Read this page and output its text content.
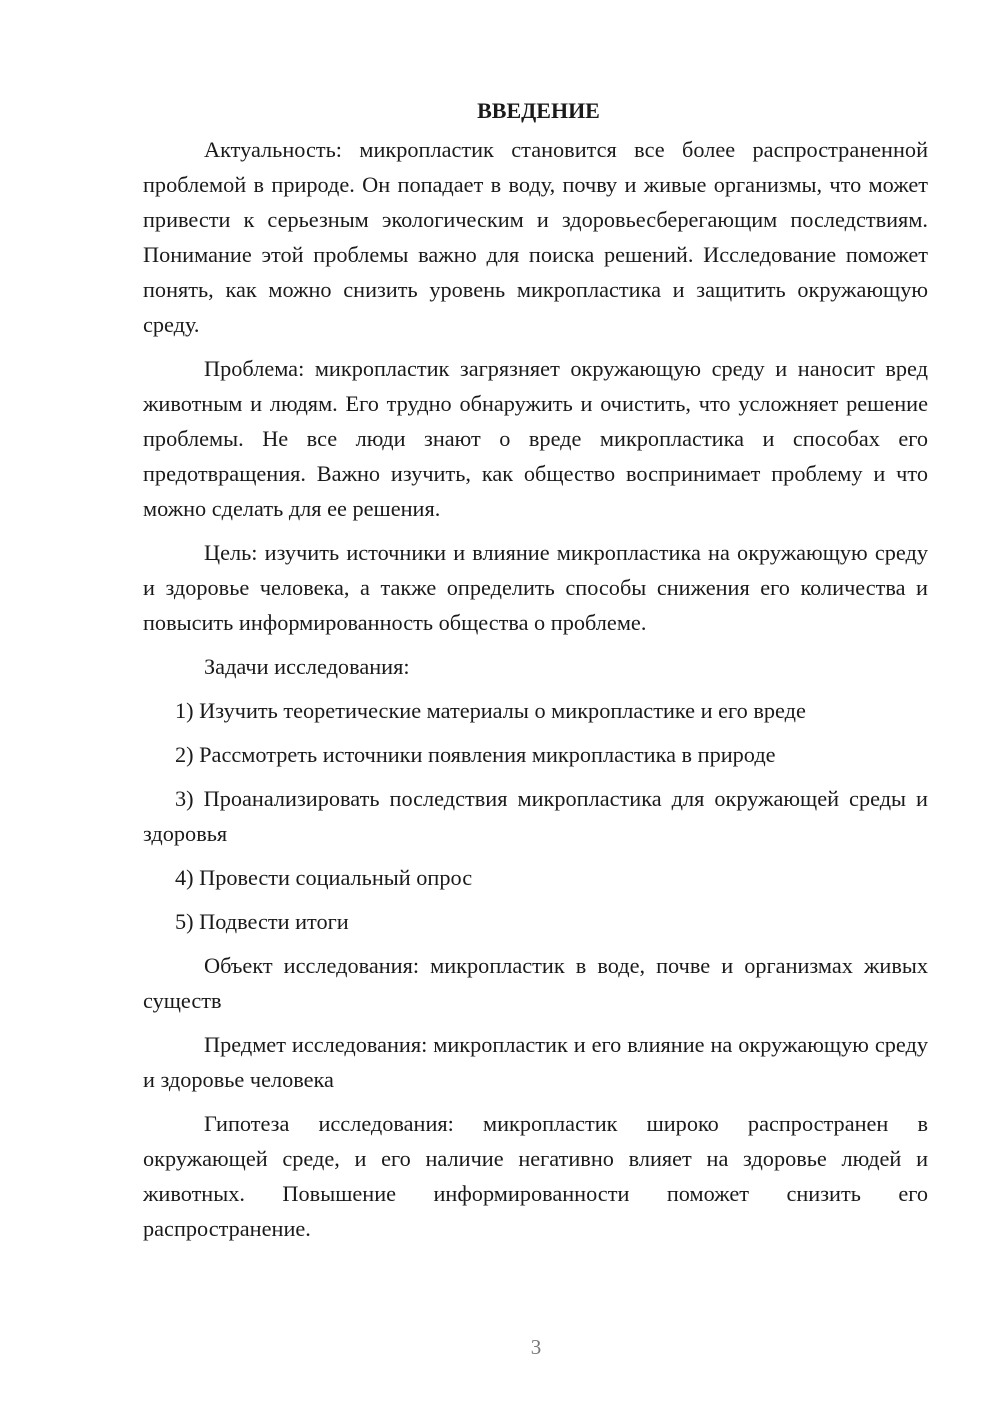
ВВЕДЕНИЕ

Актуальность: микропластик становится все более распространенной проблемой в природе. Он попадает в воду, почву и живые организмы, что может привести к серьезным экологическим и здоровьесберегающим последствиям. Понимание этой проблемы важно для поиска решений. Исследование поможет понять, как можно снизить уровень микропластика и защитить окружающую среду.

Проблема: микропластик загрязняет окружающую среду и наносит вред животным и людям. Его трудно обнаружить и очистить, что усложняет решение проблемы. Не все люди знают о вреде микропластика и способах его предотвращения. Важно изучить, как общество воспринимает проблему и что можно сделать для ее решения.

Цель: изучить источники и влияние микропластика на окружающую среду и здоровье человека, а также определить способы снижения его количества и повысить информированность общества о проблеме.

Задачи исследования:

1) Изучить теоретические материалы о микропластике и его вреде

2) Рассмотреть источники появления микропластика в природе

3) Проанализировать последствия микропластика для окружающей среды и здоровья

4) Провести социальный опрос

5) Подвести итоги

Объект исследования: микропластик в воде, почве и организмах живых существ

Предмет исследования: микропластик и его влияние на окружающую среду и здоровье человека

Гипотеза исследования: микропластик широко распространен в окружающей среде, и его наличие негативно влияет на здоровье людей и животных. Повышение информированности поможет снизить его распространение.

3
